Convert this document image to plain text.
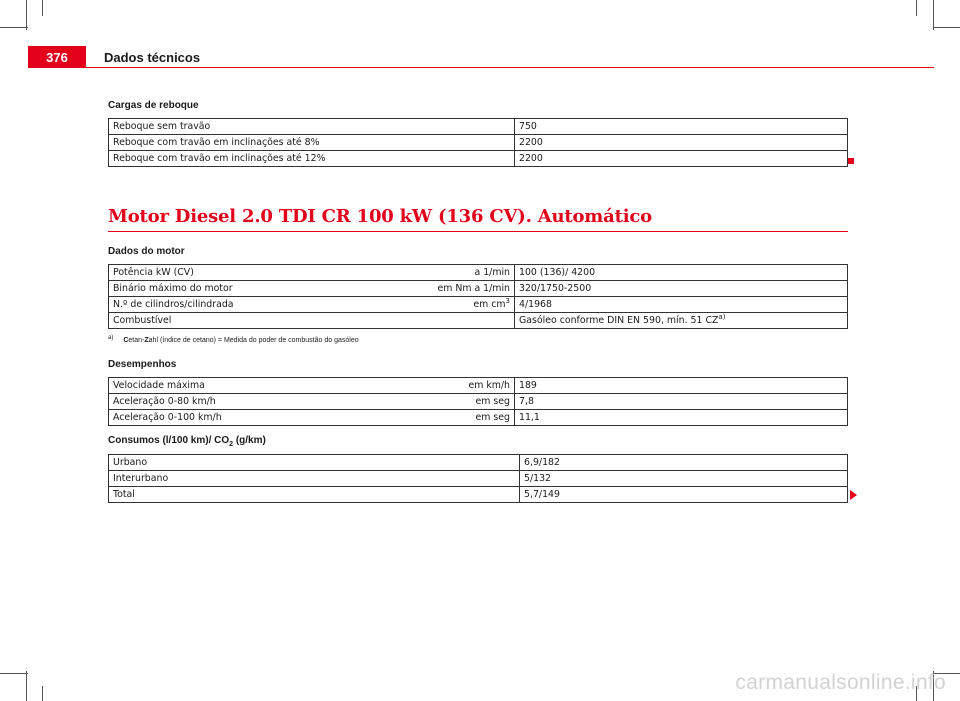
376	Dados técnicos
Cargas de reboque
Reboque sem travão	750
Reboque com travão em inclinações até 8%	2200
Reboque com travão em inclinações até 12%	2200
Motor Diesel 2.0 TDI CR 100 kW (136 CV). Automático
Dados do motor
Potência kW (CV)	a 1/min	100 (136)/ 4200
Binário máximo do motor	em Nm a 1/min	320/1750-2500
N.º de cilindros/cilindrada	em $cm^3$	4/1968
Combustível		Gasóleo conforme DIN EN 590, mín. 51 CZ$^{a)}$
a) Cetan-Zahl (índice de cetano) = Medida do poder de combustão do gasóleo
Desempenhos
Velocidade máxima	em km/h	189
Aceleração 0-80 km/h	em seg	7,8
Aceleração 0-100 km/h	em seg	11,1
Consumos (l/100 km)/ $CO_2$ (g/km)
Urbano	6,9/182
Interurbano	5/132
Total	5,7/149
carmanualsonline.info
